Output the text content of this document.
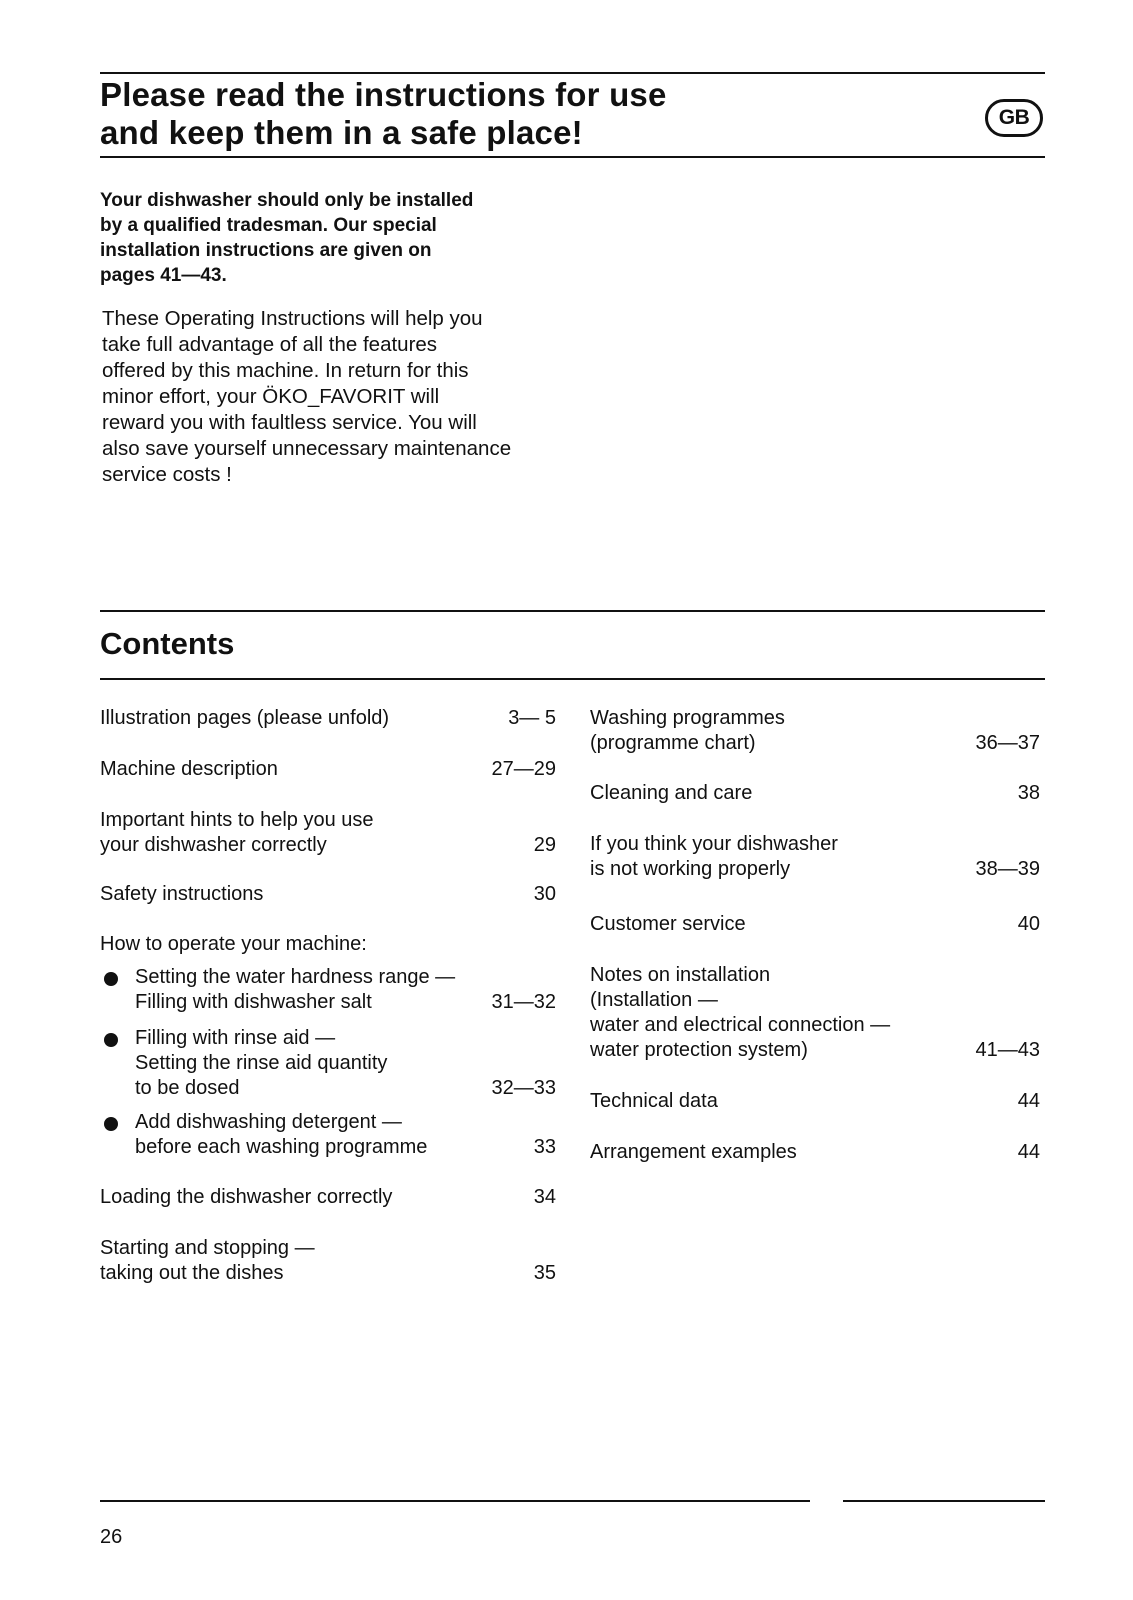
Please read the instructions for use
and keep them in a safe place!	GB
Your dishwasher should only be installed
by a qualified tradesman. Our special
installation instructions are given on
pages 41—43.
These Operating Instructions will help you
take full advantage of all the features
offered by this machine. In return for this
minor effort, your ÖKO_FAVORIT will
reward you with faultless service. You will
also save yourself unnecessary maintenance
service costs !
Contents
Illustration pages (please unfold)	3— 5
Machine description	27—29
Important hints to help you use
your dishwasher correctly	29
Safety instructions	30
How to operate your machine:
Setting the water hardness range —
Filling with dishwasher salt	31—32
Filling with rinse aid —
Setting the rinse aid quantity
to be dosed	32—33
Add dishwashing detergent —
before each washing programme	33
Loading the dishwasher correctly	34
Starting and stopping —
taking out the dishes	35
Washing programmes
(programme chart)	36—37
Cleaning and care	38
If you think your dishwasher
is not working properly	38—39
Customer service	40
Notes on installation
(Installation —
water and electrical connection —
water protection system)	41—43
Technical data	44
Arrangement examples	44
26
